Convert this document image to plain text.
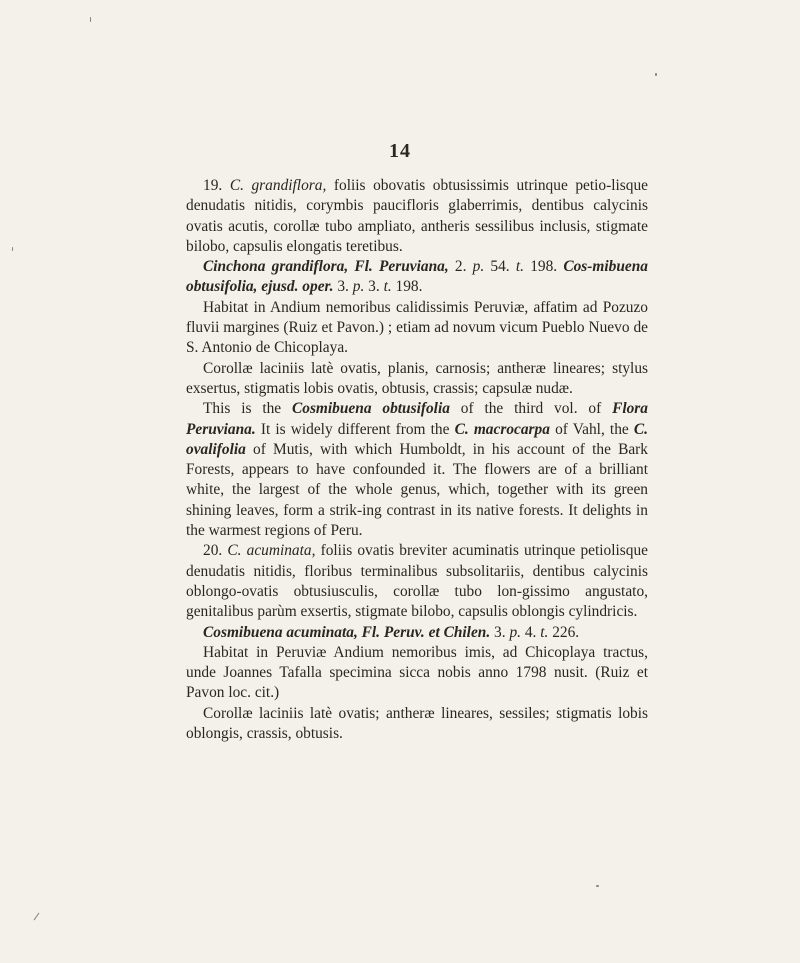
14

19. C. grandiflora, foliis obovatis obtusissimis utrinque petio-lisque denudatis nitidis, corymbis paucifloris glaberrimis, dentibus calycinis ovatis acutis, corollæ tubo ampliato, antheris sessilibus inclusis, stigmate bilobo, capsulis elongatis teretibus.

Cinchona grandiflora, Fl. Peruviana, 2. p. 54. t. 198. Cos-mibuena obtusifolia, ejusd. oper. 3. p. 3. t. 198.

Habitat in Andium nemoribus calidissimis Peruviæ, affatim ad Pozuzo fluvii margines (Ruiz et Pavon.) ; etiam ad novum vicum Pueblo Nuevo de S. Antonio de Chicoplaya.

Corollæ laciniis latè ovatis, planis, carnosis; antheræ lineares; stylus exsertus, stigmatis lobis ovatis, obtusis, crassis; capsulæ nudæ.

This is the Cosmibuena obtusifolia of the third vol. of Flora Peruviana. It is widely different from the C. macrocarpa of Vahl, the C. ovalifolia of Mutis, with which Humboldt, in his account of the Bark Forests, appears to have confounded it. The flowers are of a brilliant white, the largest of the whole genus, which, together with its green shining leaves, form a strik-ing contrast in its native forests. It delights in the warmest regions of Peru.

20. C. acuminata, foliis ovatis breviter acuminatis utrinque petiolisque denudatis nitidis, floribus terminalibus subsolitariis, dentibus calycinis oblongo-ovatis obtusiusculis, corollæ tubo lon-gissimo angustato, genitalibus parùm exsertis, stigmate bilobo, capsulis oblongis cylindricis.

Cosmibuena acuminata, Fl. Peruv. et Chilen. 3. p. 4. t. 226.

Habitat in Peruviæ Andium nemoribus imis, ad Chicoplaya tractus, unde Joannes Tafalla specimina sicca nobis anno 1798 nusit. (Ruiz et Pavon loc. cit.)

Corollæ laciniis latè ovatis; antheræ lineares, sessiles; stigmatis lobis oblongis, crassis, obtusis.
